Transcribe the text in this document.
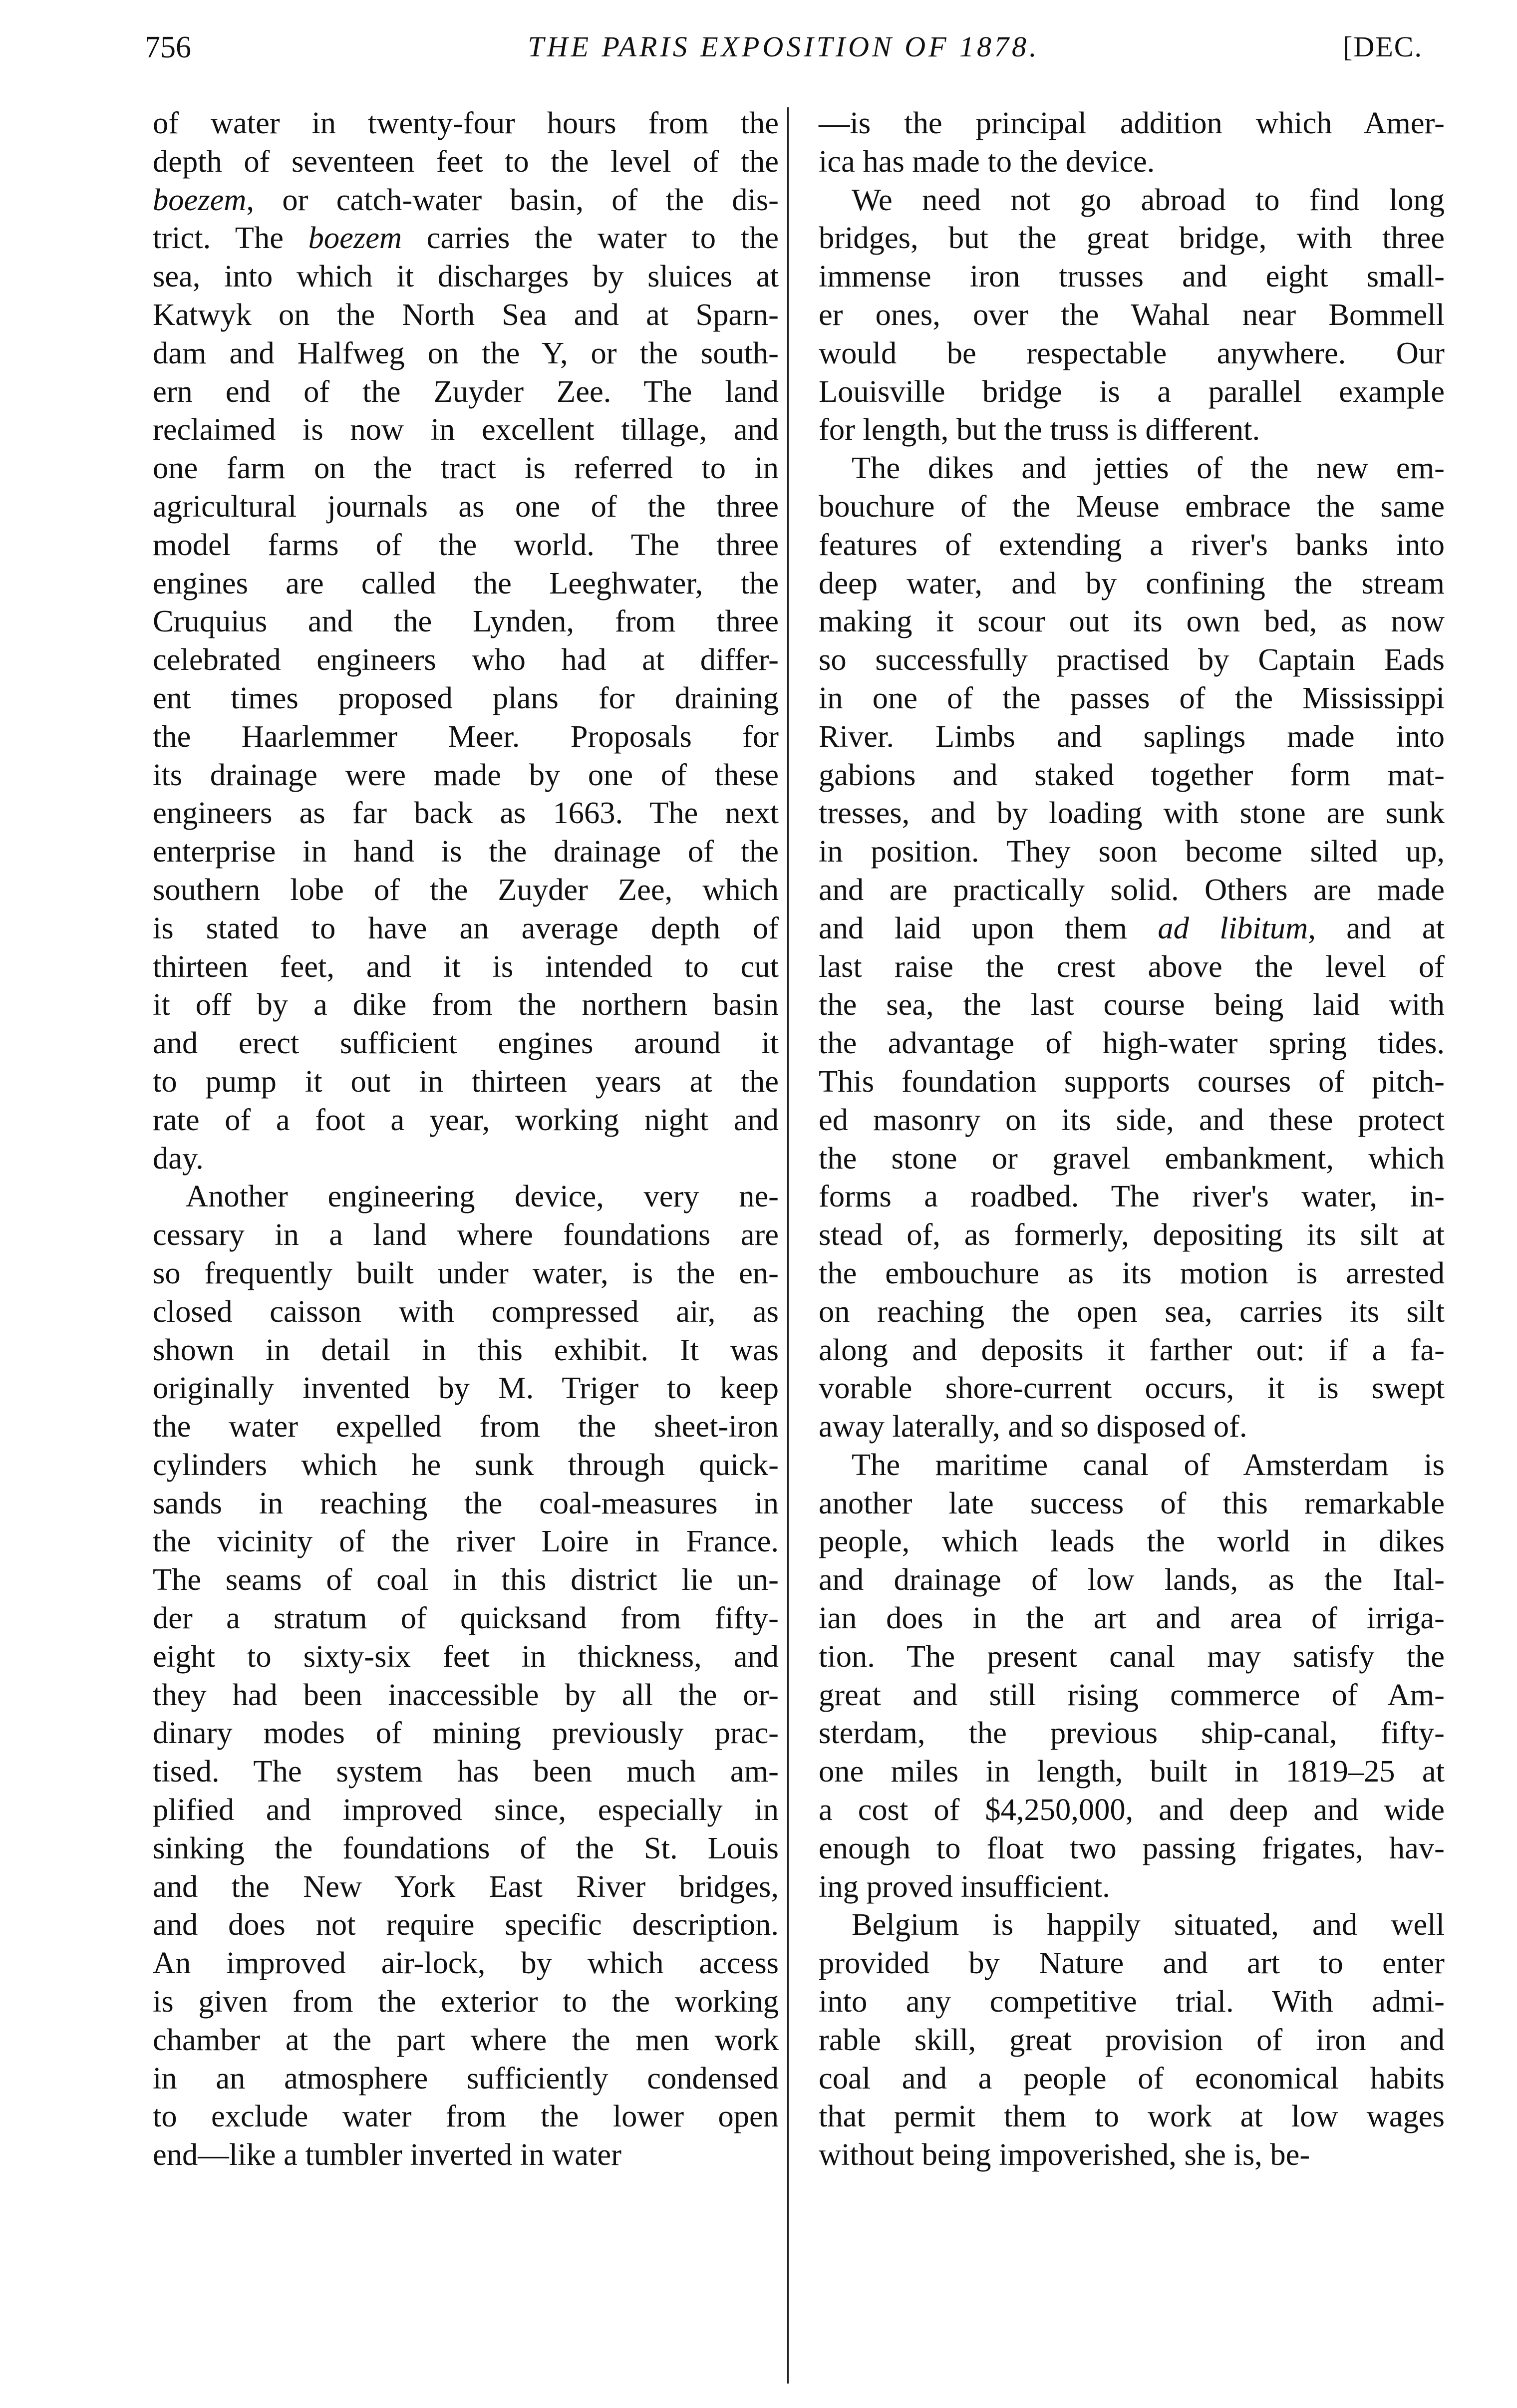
756	THE PARIS EXPOSITION OF 1878.	[DEC.
of water in twenty-four hours from the
depth of seventeen feet to the level of the
boezem, or catch-water basin, of the dis-
trict. The boezem carries the water to the
sea, into which it discharges by sluices at
Katwyk on the North Sea and at Sparn-
dam and Halfweg on the Y, or the south-
ern end of the Zuyder Zee. The land
reclaimed is now in excellent tillage, and
one farm on the tract is referred to in
agricultural journals as one of the three
model farms of the world. The three
engines are called the Leeghwater, the
Cruquius and the Lynden, from three
celebrated engineers who had at differ-
ent times proposed plans for draining
the Haarlemmer Meer. Proposals for
its drainage were made by one of these
engineers as far back as 1663. The next
enterprise in hand is the drainage of the
southern lobe of the Zuyder Zee, which
is stated to have an average depth of
thirteen feet, and it is intended to cut
it off by a dike from the northern basin
and erect sufficient engines around it
to pump it out in thirteen years at the
rate of a foot a year, working night and
day.
Another engineering device, very ne-
cessary in a land where foundations are
so frequently built under water, is the en-
closed caisson with compressed air, as
shown in detail in this exhibit. It was
originally invented by M. Triger to keep
the water expelled from the sheet-iron
cylinders which he sunk through quick-
sands in reaching the coal-measures in
the vicinity of the river Loire in France.
The seams of coal in this district lie un-
der a stratum of quicksand from fifty-
eight to sixty-six feet in thickness, and
they had been inaccessible by all the or-
dinary modes of mining previously prac-
tised. The system has been much am-
plified and improved since, especially in
sinking the foundations of the St. Louis
and the New York East River bridges,
and does not require specific description.
An improved air-lock, by which access
is given from the exterior to the working
chamber at the part where the men work
in an atmosphere sufficiently condensed
to exclude water from the lower open
end—like a tumbler inverted in water
—is the principal addition which Amer-
ica has made to the device.
We need not go abroad to find long
bridges, but the great bridge, with three
immense iron trusses and eight small-
er ones, over the Wahal near Bommell
would be respectable anywhere. Our
Louisville bridge is a parallel example
for length, but the truss is different.
The dikes and jetties of the new em-
bouchure of the Meuse embrace the same
features of extending a river's banks into
deep water, and by confining the stream
making it scour out its own bed, as now
so successfully practised by Captain Eads
in one of the passes of the Mississippi
River. Limbs and saplings made into
gabions and staked together form mat-
tresses, and by loading with stone are sunk
in position. They soon become silted up,
and are practically solid. Others are made
and laid upon them ad libitum, and at
last raise the crest above the level of
the sea, the last course being laid with
the advantage of high-water spring tides.
This foundation supports courses of pitch-
ed masonry on its side, and these protect
the stone or gravel embankment, which
forms a roadbed. The river's water, in-
stead of, as formerly, depositing its silt at
the embouchure as its motion is arrested
on reaching the open sea, carries its silt
along and deposits it farther out: if a fa-
vorable shore-current occurs, it is swept
away laterally, and so disposed of.
The maritime canal of Amsterdam is
another late success of this remarkable
people, which leads the world in dikes
and drainage of low lands, as the Ital-
ian does in the art and area of irriga-
tion. The present canal may satisfy the
great and still rising commerce of Am-
sterdam, the previous ship-canal, fifty-
one miles in length, built in 1819–25 at
a cost of $4,250,000, and deep and wide
enough to float two passing frigates, hav-
ing proved insufficient.
Belgium is happily situated, and well
provided by Nature and art to enter
into any competitive trial. With admi-
rable skill, great provision of iron and
coal and a people of economical habits
that permit them to work at low wages
without being impoverished, she is, be-
